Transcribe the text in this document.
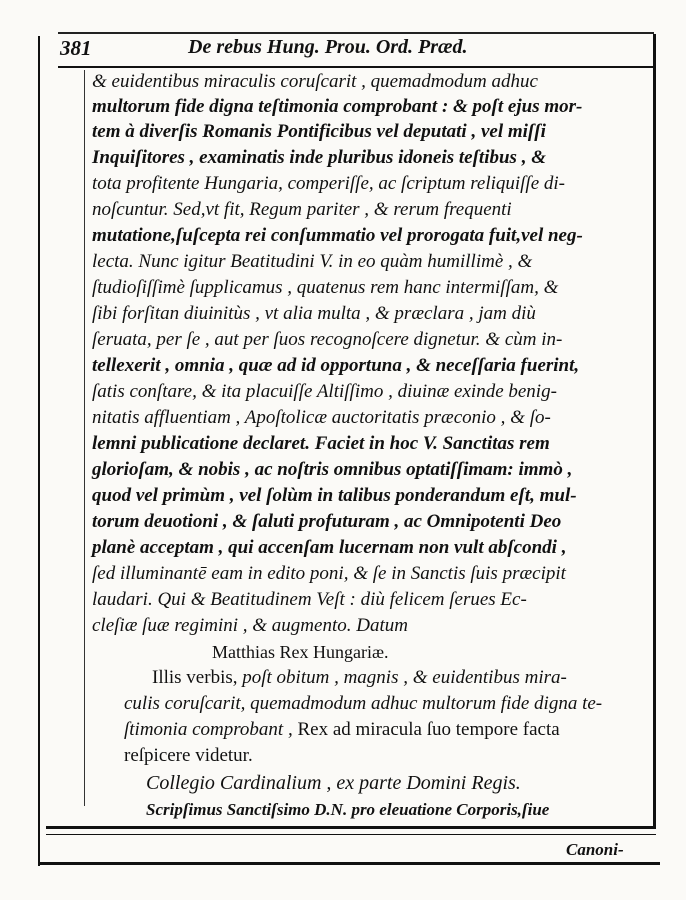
381	De rebus Hung. Prou. Ord. Præd.
& euidentibus miraculis coruſcarit , quemadmodum adhuc
multorum fide digna teſtimonia comprobant : & poſt ejus mor-
tem à diverſis Romanis Pontificibus vel deputati , vel miſſi
Inquiſitores , examinatis inde pluribus idoneis teſtibus , &
tota profitente Hungaria, comperiſſe, ac ſcriptum reliquiſſe di-
noſcuntur. Sed,vt fit, Regum pariter , & rerum frequenti
mutatione,ſuſcepta rei conſummatio vel prorogata fuit,vel neg-
lecta. Nunc igitur Beatitudini V. in eo quàm humillimè , &
ſtudioſiſſimè ſupplicamus , quatenus rem hanc intermiſſam, &
ſibi forſitan diuinitùs , vt alia multa , & præclara , jam diù
ſeruata, per ſe , aut per ſuos recognoſcere dignetur. & cùm in-
tellexerit , omnia , quæ ad id opportuna , & neceſſaria fuerint,
ſatis conſtare, & ita placuiſſe Altiſſimo , diuinæ exinde benig-
nitatis affluentiam , Apoſtolicæ auctoritatis præconio , & ſo-
lemni publicatione declaret. Faciet in hoc V. Sanctitas rem
glorioſam, & nobis , ac noſtris omnibus optatiſſimam: immò ,
quod vel primùm , vel ſolùm in talibus ponderandum eſt, mul-
torum deuotioni , & ſaluti profuturam , ac Omnipotenti Deo
planè acceptam , qui accenſam lucernam non vult abſcondi ,
ſed illuminantē eam in edito poni, & ſe in Sanctis ſuis præcipit
laudari. Qui & Beatitudinem Veſt : diù felicem ſerues Ec-
cleſiæ ſuæ regimini , & augmento. Datum
Matthias Rex Hungariæ.
Illis verbis, poſt obitum , magnis , & euidentibus mira-
culis coruſcarit, quemadmodum adhuc multorum fide digna te-
ſtimonia comprobant , Rex ad miracula ſuo tempore facta
reſpicere videtur.
Collegio Cardinalium , ex parte Domini Regis.
Scripſimus Sanctiſsimo D.N. pro eleuatione Corporis,ſiue
Canoni-
